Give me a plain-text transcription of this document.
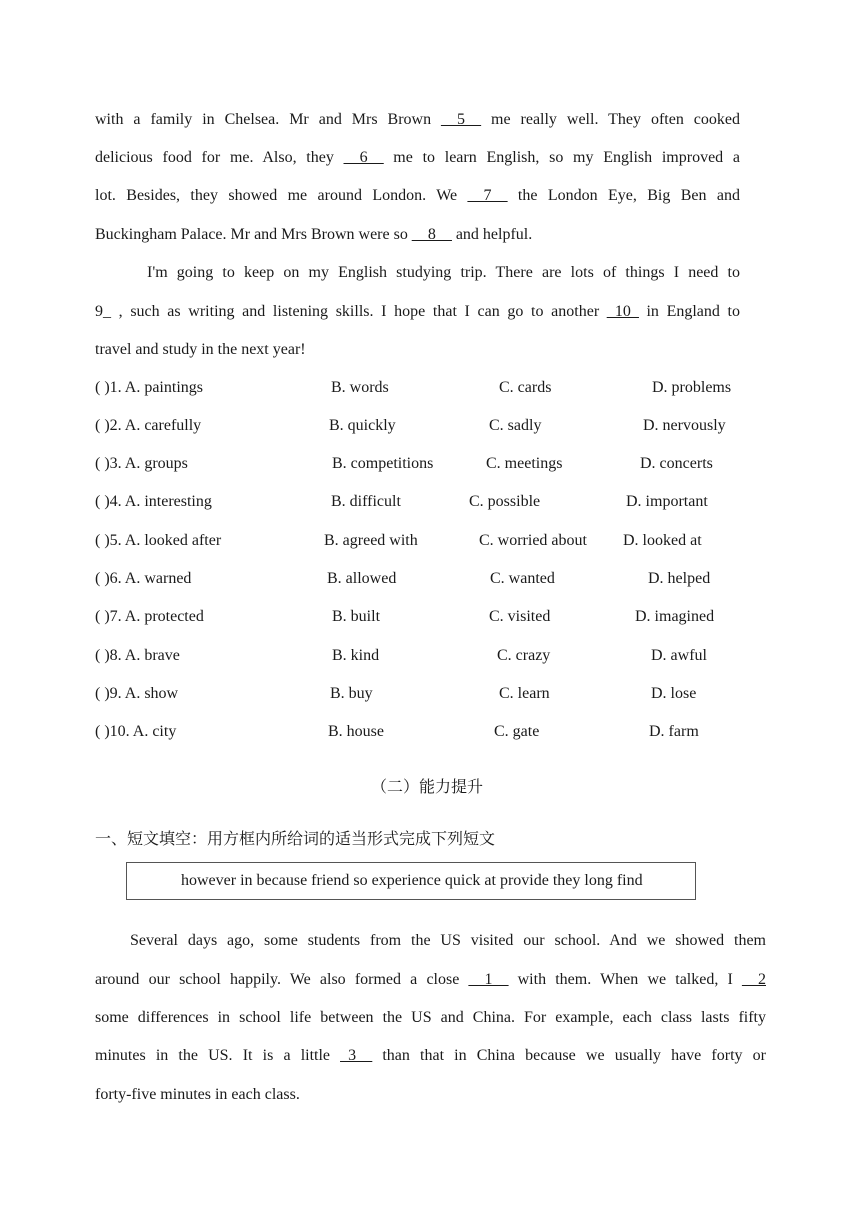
with a family in Chelsea. Mr and Mrs Brown __5__ me really well. They often cooked
delicious food for me. Also, they __6__ me to learn English, so my English improved a
lot. Besides, they showed me around London. We __7__ the London Eye, Big Ben and
Buckingham Palace. Mr and Mrs Brown were so __8__ and helpful.
I'm going to keep on my English studying trip. There are lots of things I need to
9_ , such as writing and listening skills. I hope that I can go to another _10_ in England to
travel and study in the next year!
( )1. A. paintings	B. words	C. cards	D. problems
( )2. A. carefully	B. quickly	C. sadly	D. nervously
( )3. A. groups	B. competitions	C. meetings	D. concerts
( )4. A. interesting	B. difficult	C. possible	D. important
( )5. A. looked after	B. agreed with	C. worried about D. looked at
( )6. A. warned	B. allowed	C. wanted	D. helped
( )7. A. protected	B. built	C. visited	D. imagined
( )8. A. brave	B. kind	C. crazy	D. awful
( )9. A. show	B. buy	C. learn	D. lose
( )10. A. city	B. house	C. gate	D. farm
（二）能力提升
一、短文填空：用方框内所给词的适当形式完成下列短文
however in because friend so experience quick at provide they long find
Several days ago, some students from the US visited our school. And we showed them
around our school happily. We also formed a close __1__ with them. When we talked, I __2
some differences in school life between the US and China. For example, each class lasts fifty
minutes in the US. It is a little _3__ than that in China because we usually have forty or
forty-five minutes in each class.
